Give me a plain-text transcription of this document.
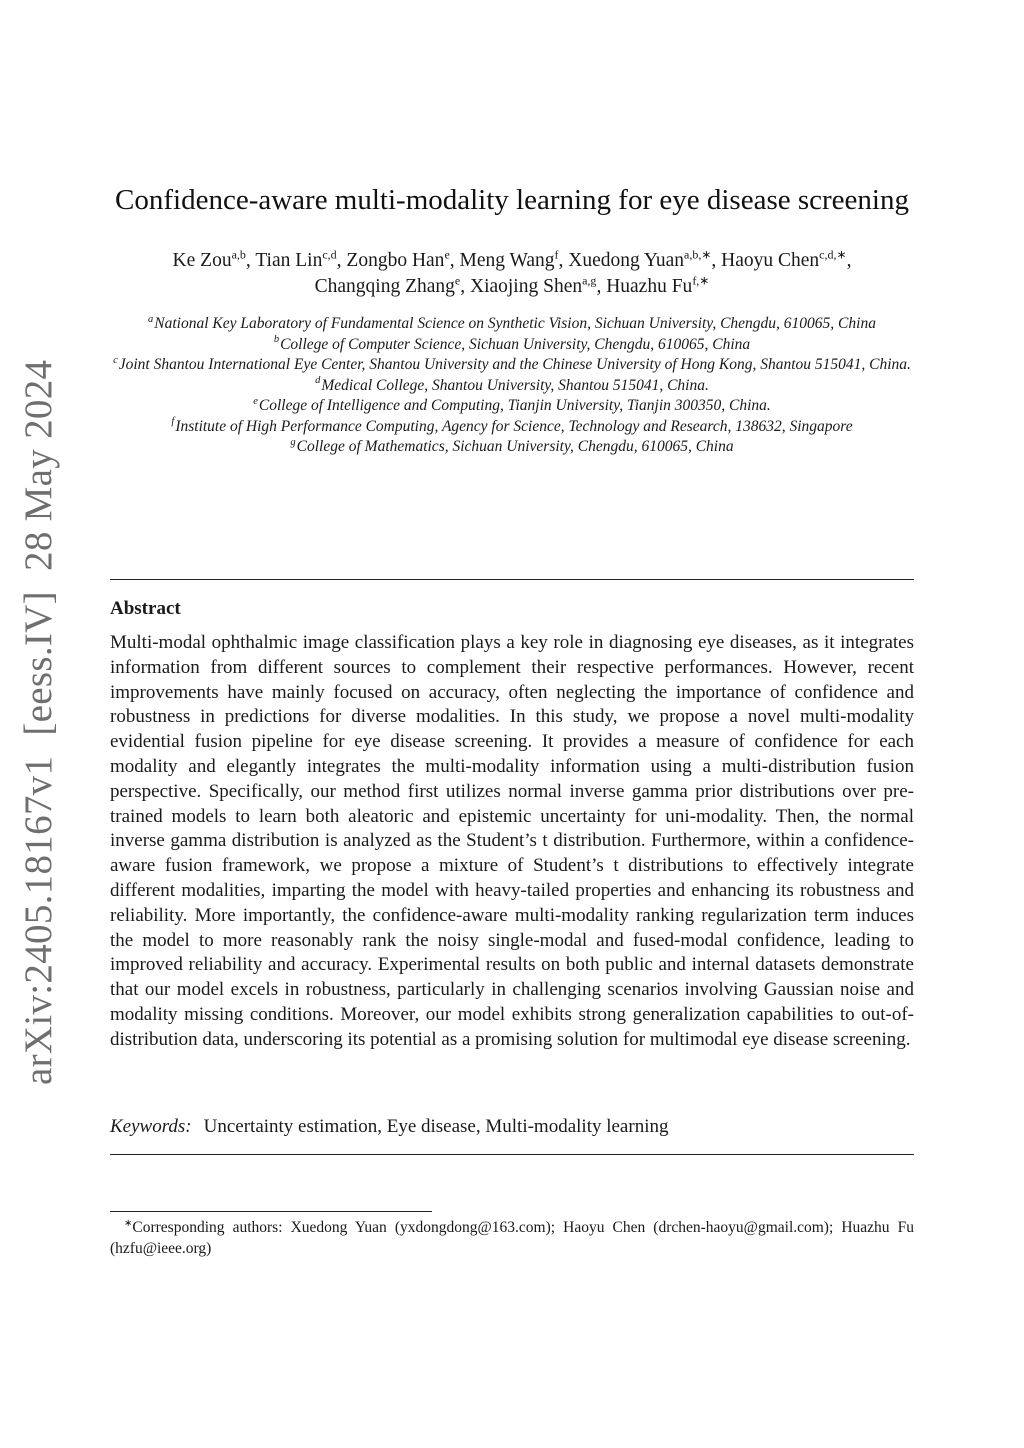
arXiv:2405.18167v1  [eess.IV]  28 May 2024
Confidence-aware multi-modality learning for eye disease screening
Ke Zou$^{a,b}$, Tian Lin$^{c,d}$, Zongbo Han$^e$, Meng Wang$^f$, Xuedong Yuan$^{a,b,∗}$, Haoyu Chen$^{c,d,∗}$,
Changqing Zhang$^e$, Xiaojing Shen$^{a,g}$, Huazhu $Fu^{f,∗}$
$^a$National Key Laboratory of Fundamental Science on Synthetic Vision, Sichuan University, Chengdu, 610065, China
$^b$College of Computer Science, Sichuan University, Chengdu, 610065, China
$^c$Joint Shantou International Eye Center, Shantou University and the Chinese University of Hong Kong, Shantou 515041, China.
$^d$Medical College, Shantou University, Shantou 515041, China.
$^e$College of Intelligence and Computing, Tianjin University, Tianjin 300350, China.
$^f$Institute of High Performance Computing, Agency for Science, Technology and Research, 138632, Singapore
$^g$College of Mathematics, Sichuan University, Chengdu, 610065, China
Abstract
Multi-modal ophthalmic image classification plays a key role in diagnosing eye diseases, as it integrates information from different sources to complement their respective performances. However, recent improvements have mainly focused on accuracy, often neglecting the importance of confidence and robustness in predictions for diverse modalities. In this study, we propose a novel multi-modality evidential fusion pipeline for eye disease screening. It provides a measure of confidence for each modality and elegantly integrates the multi-modality information using a multi-distribution fusion perspective. Specifically, our method first utilizes normal inverse gamma prior distributions over pre-trained models to learn both aleatoric and epistemic uncertainty for uni-modality. Then, the normal inverse gamma distribution is analyzed as the Student’s t distribution. Furthermore, within a confidence-aware fusion framework, we propose a mixture of Student’s t distributions to effectively integrate different modalities, imparting the model with heavy-tailed properties and enhancing its robustness and reliability. More importantly, the confidence-aware multi-modality ranking regularization term induces the model to more reasonably rank the noisy single-modal and fused-modal confidence, leading to improved reliability and accuracy. Experimental results on both public and internal datasets demonstrate that our model excels in robustness, particularly in challenging scenarios involving Gaussian noise and modality missing conditions. Moreover, our model exhibits strong generalization capabilities to out-of-distribution data, underscoring its potential as a promising solution for multimodal eye disease screening.
Keywords: Uncertainty estimation, Eye disease, Multi-modality learning
∗Corresponding authors: Xuedong Yuan (yxdongdong@163.com); Haoyu Chen (drchen-haoyu@gmail.com); Huazhu Fu (hzfu@ieee.org)
